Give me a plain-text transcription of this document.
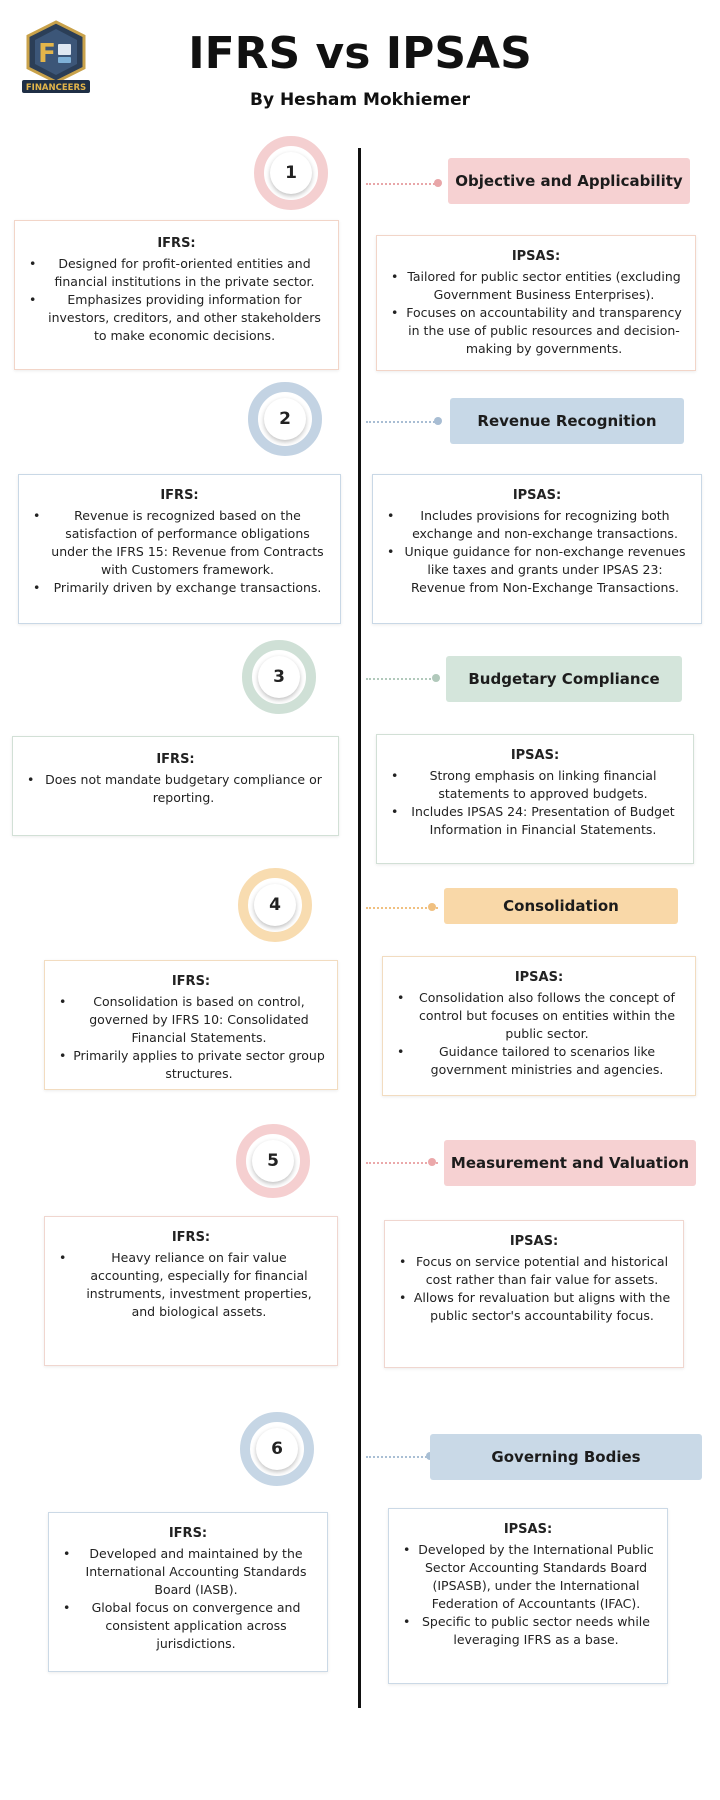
F
FINANCEERS
IFRS vs IPSAS
By Hesham Mokhiemer
1	Objective and Applicability
IFRS:
• Designed for profit-oriented entities and financial institutions in the private sector.
• Emphasizes providing information for investors, creditors, and other stakeholders to make economic decisions.
IPSAS:
• Tailored for public sector entities (excluding Government Business Enterprises).
• Focuses on accountability and transparency in the use of public resources and decision-making by governments.
2	Revenue Recognition
IFRS:
• Revenue is recognized based on the satisfaction of performance obligations under the IFRS 15: Revenue from Contracts with Customers framework.
• Primarily driven by exchange transactions.
IPSAS:
• Includes provisions for recognizing both exchange and non-exchange transactions.
• Unique guidance for non-exchange revenues like taxes and grants under IPSAS 23: Revenue from Non-Exchange Transactions.
3	Budgetary Compliance
IFRS:
• Does not mandate budgetary compliance or reporting.
IPSAS:
• Strong emphasis on linking financial statements to approved budgets.
• Includes IPSAS 24: Presentation of Budget Information in Financial Statements.
4	Consolidation
IFRS:
• Consolidation is based on control, governed by IFRS 10: Consolidated Financial Statements.
• Primarily applies to private sector group structures.
IPSAS:
• Consolidation also follows the concept of control but focuses on entities within the public sector.
• Guidance tailored to scenarios like government ministries and agencies.
5	Measurement and Valuation
IFRS:
• Heavy reliance on fair value accounting, especially for financial instruments, investment properties, and biological assets.
IPSAS:
• Focus on service potential and historical cost rather than fair value for assets.
• Allows for revaluation but aligns with the public sector's accountability focus.
6	Governing Bodies
IFRS:
• Developed and maintained by the International Accounting Standards Board (IASB).
• Global focus on convergence and consistent application across jurisdictions.
IPSAS:
• Developed by the International Public Sector Accounting Standards Board (IPSASB), under the International Federation of Accountants (IFAC).
• Specific to public sector needs while leveraging IFRS as a base.
